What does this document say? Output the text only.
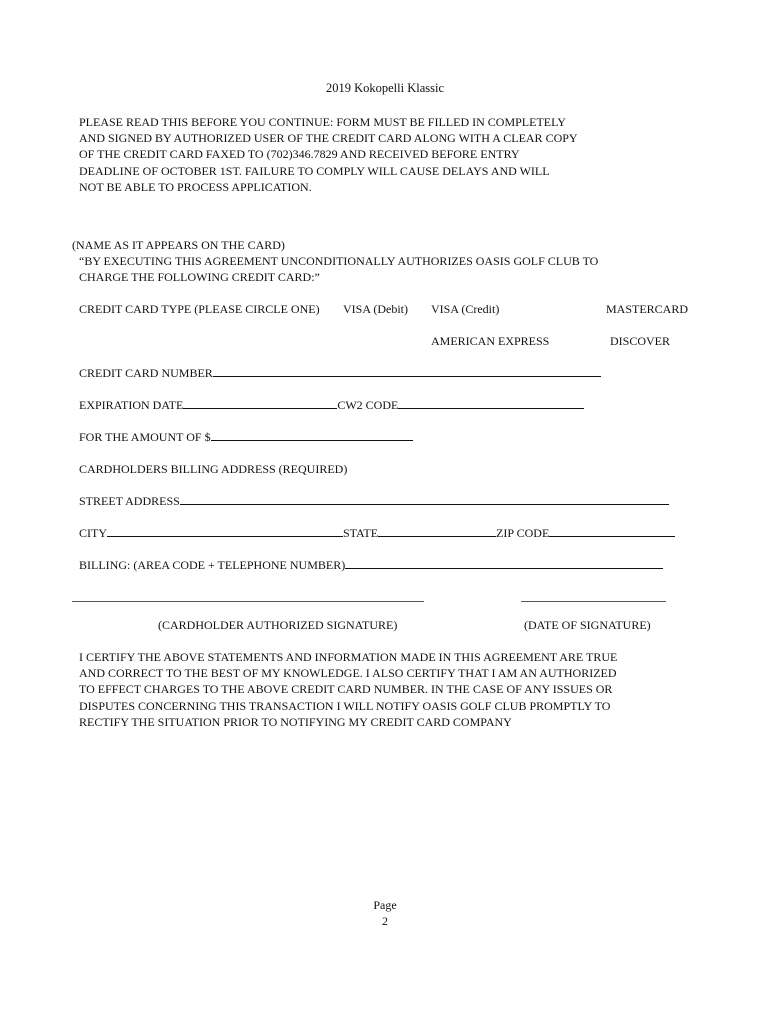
2019 Kokopelli Klassic
PLEASE READ THIS BEFORE YOU CONTINUE: FORM MUST BE FILLED IN COMPLETELY
AND SIGNED BY AUTHORIZED USER OF THE CREDIT CARD ALONG WITH A CLEAR COPY
OF THE CREDIT CARD FAXED TO (702)346.7829 AND RECEIVED BEFORE ENTRY
DEADLINE OF OCTOBER 1ST. FAILURE TO COMPLY WILL CAUSE DELAYS AND WILL
NOT BE ABLE TO PROCESS APPLICATION.
(NAME AS IT APPEARS ON THE CARD)
“BY EXECUTING THIS AGREEMENT UNCONDITIONALLY AUTHORIZES OASIS GOLF CLUB TO
CHARGE THE FOLLOWING CREDIT CARD:”
CREDIT CARD TYPE (PLEASE CIRCLE ONE) VISA (Debit) VISA (Credit)	MASTERCARD
AMERICAN EXPRESS	DISCOVER
CREDIT CARD NUMBER
EXPIRATION DATE	CW2 CODE
FOR THE AMOUNT OF $
CARDHOLDERS BILLING ADDRESS (REQUIRED)
STREET ADDRESS
CITY	STATE	ZIP CODE
BILLING: (AREA CODE + TELEPHONE NUMBER)
(CARDHOLDER AUTHORIZED SIGNATURE)	(DATE OF SIGNATURE)
I CERTIFY THE ABOVE STATEMENTS AND INFORMATION MADE IN THIS AGREEMENT ARE TRUE
AND CORRECT TO THE BEST OF MY KNOWLEDGE. I ALSO CERTIFY THAT I AM AN AUTHORIZED
TO EFFECT CHARGES TO THE ABOVE CREDIT CARD NUMBER. IN THE CASE OF ANY ISSUES OR
DISPUTES CONCERNING THIS TRANSACTION I WILL NOTIFY OASIS GOLF CLUB PROMPTLY TO
RECTIFY THE SITUATION PRIOR TO NOTIFYING MY CREDIT CARD COMPANY
Page
2
